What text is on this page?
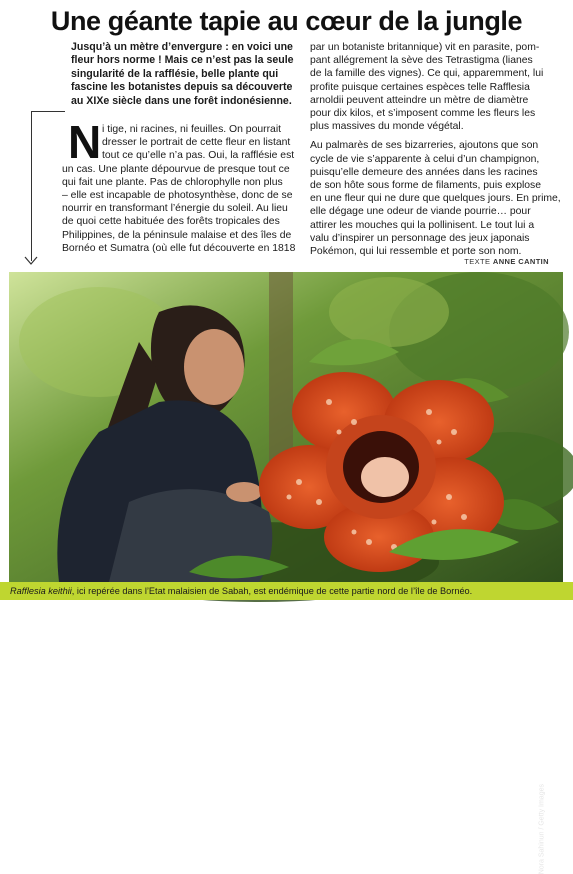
Une géante tapie au cœur de la jungle
Jusqu’à un mètre d’envergure : en voici une
fleur hors norme ! Mais ce n’est pas la seule
singularité de la rafflésie, belle plante qui
fascine les botanistes depuis sa découverte
au XIXe siècle dans une forêt indonésienne.
N i tige, ni racines, ni feuilles. On pourrait
dresser le portrait de cette fleur en listant
tout ce qu’elle n’a pas. Oui, la rafflésie est
un cas. Une plante dépourvue de presque tout ce
qui fait une plante. Pas de chlorophylle non plus
– elle est incapable de photosynthèse, donc de se
nourrir en transformant l’énergie du soleil. Au lieu
de quoi cette habituée des forêts tropicales des
Philippines, de la péninsule malaise et des îles de
Bornéo et Sumatra (où elle fut découverte en 1818
par un botaniste britannique) vit en parasite, pom-
pant allégrement la sève des Tetrastigma (lianes
de la famille des vignes). Ce qui, apparemment, lui
profite puisque certaines espèces telle Rafflesia
arnoldii peuvent atteindre un mètre de diamètre
pour dix kilos, et s’imposent comme les fleurs les
plus massives du monde végétal.
Au palmarès de ses bizarreries, ajoutons que son
cycle de vie s’apparente à celui d’un champignon,
puisqu’elle demeure des années dans les racines
de son hôte sous forme de filaments, puis explose
en une fleur qui ne dure que quelques jours. En prime,
elle dégage une odeur de viande pourrie… pour
attirer les mouches qui la pollinisent. Le tout lui a
valu d’inspirer un personnage des jeux japonais
Pokémon, qui lui ressemble et porte son nom.
TEXTE ANNE CANTIN
Nora Sahinun / Getty Images
Rafflesia keithii, ici repérée dans l’Etat malaisien de Sabah, est endémique de cette partie nord de l’île de Bornéo.
